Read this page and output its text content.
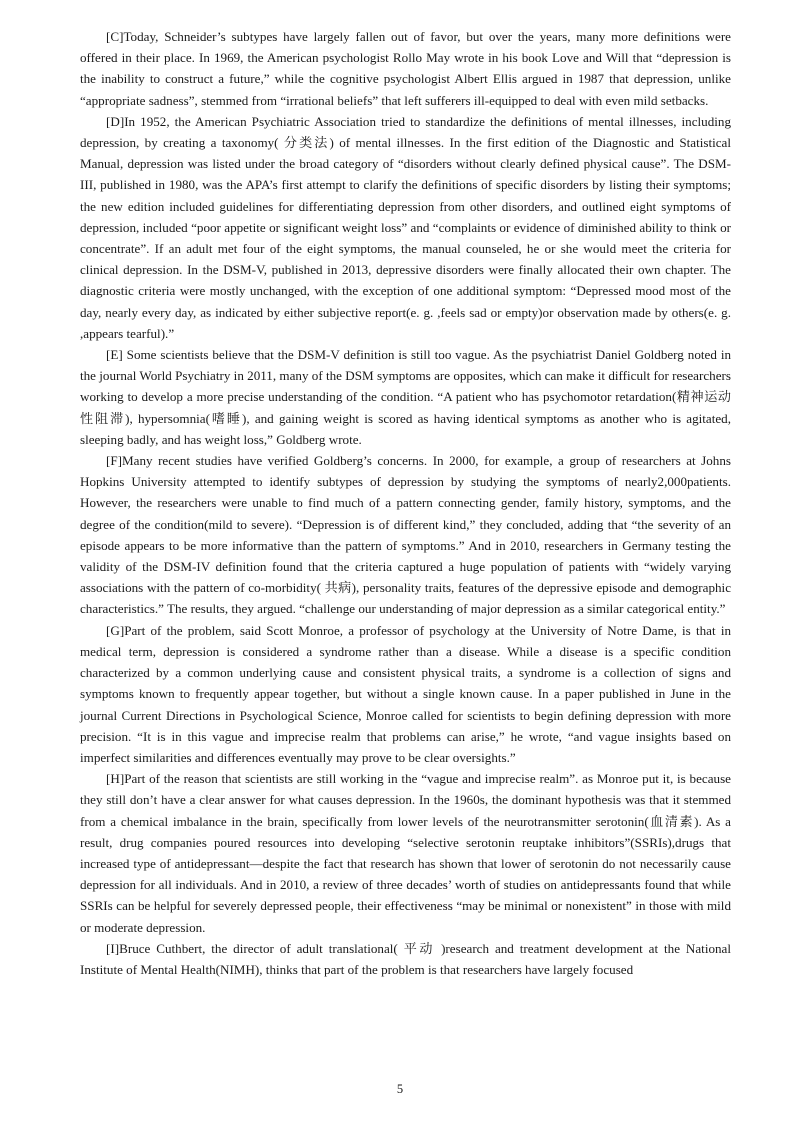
[C]Today, Schneider’s subtypes have largely fallen out of favor, but over the years, many more definitions were offered in their place. In 1969, the American psychologist Rollo May wrote in his book Love and Will that “depression is the inability to construct a future,” while the cognitive psychologist Albert Ellis argued in 1987 that depression, unlike “appropriate sadness”, stemmed from “irrational beliefs” that left sufferers ill-equipped to deal with even mild setbacks.

[D]In 1952, the American Psychiatric Association tried to standardize the definitions of mental illnesses, including depression, by creating a taxonomy( 分类法) of mental illnesses. In the first edition of the Diagnostic and Statistical Manual, depression was listed under the broad category of “disorders without clearly defined physical cause”. The DSM-III, published in 1980, was the APA’s first attempt to clarify the definitions of specific disorders by listing their symptoms; the new edition included guidelines for differentiating depression from other disorders, and outlined eight symptoms of depression, included “poor appetite or significant weight loss” and “complaints or evidence of diminished ability to think or concentrate”. If an adult met four of the eight symptoms, the manual counseled, he or she would meet the criteria for clinical depression. In the DSM-V, published in 2013, depressive disorders were finally allocated their own chapter. The diagnostic criteria were mostly unchanged, with the exception of one additional symptom: “Depressed mood most of the day, nearly every day, as indicated by either subjective report(e. g. ,feels sad or empty)or observation made by others(e. g. ,appears tearful).”

[E] Some scientists believe that the DSM-V definition is still too vague. As the psychiatrist Daniel Goldberg noted in the journal World Psychiatry in 2011, many of the DSM symptoms are opposites, which can make it difficult for researchers working to develop a more precise understanding of the condition. “A patient who has psychomotor retardation(精神运动性阻滞), hypersomnia(嗜睡), and gaining weight is scored as having identical symptoms as another who is agitated, sleeping badly, and has weight loss,” Goldberg wrote.

[F]Many recent studies have verified Goldberg’s concerns. In 2000, for example, a group of researchers at Johns Hopkins University attempted to identify subtypes of depression by studying the symptoms of nearly2,000patients. However, the researchers were unable to find much of a pattern connecting gender, family history, symptoms, and the degree of the condition(mild to severe). “Depression is of different kind,” they concluded, adding that “the severity of an episode appears to be more informative than the pattern of symptoms.” And in 2010, researchers in Germany testing the validity of the DSM-IV definition found that the criteria captured a huge population of patients with “widely varying associations with the pattern of co-morbidity( 共病), personality traits, features of the depressive episode and demographic characteristics.” The results, they argued. “challenge our understanding of major depression as a similar categorical entity.”

[G]Part of the problem, said Scott Monroe, a professor of psychology at the University of Notre Dame, is that in medical term, depression is considered a syndrome rather than a disease. While a disease is a specific condition characterized by a common underlying cause and consistent physical traits, a syndrome is a collection of signs and symptoms known to frequently appear together, but without a single known cause. In a paper published in June in the journal Current Directions in Psychological Science, Monroe called for scientists to begin defining depression with more precision. “It is in this vague and imprecise realm that problems can arise,” he wrote, “and vague insights based on imperfect similarities and differences eventually may prove to be clear oversights.”

[H]Part of the reason that scientists are still working in the “vague and imprecise realm”. as Monroe put it, is because they still don’t have a clear answer for what causes depression. In the 1960s, the dominant hypothesis was that it stemmed from a chemical imbalance in the brain, specifically from lower levels of the neurotransmitter serotonin(血清素). As a result, drug companies poured resources into developing “selective serotonin reuptake inhibitors”(SSRIs),drugs that increased type of antidepressant—despite the fact that research has shown that lower of serotonin do not necessarily cause depression for all individuals. And in 2010, a review of three decades’ worth of studies on antidepressants found that while SSRIs can be helpful for severely depressed people, their effectiveness “may be minimal or nonexistent” in those with mild or moderate depression.

[I]Bruce Cuthbert, the director of adult translational( 平动 )research and treatment development at the National Institute of Mental Health(NIMH), thinks that part of the problem is that researchers have largely focused

5
